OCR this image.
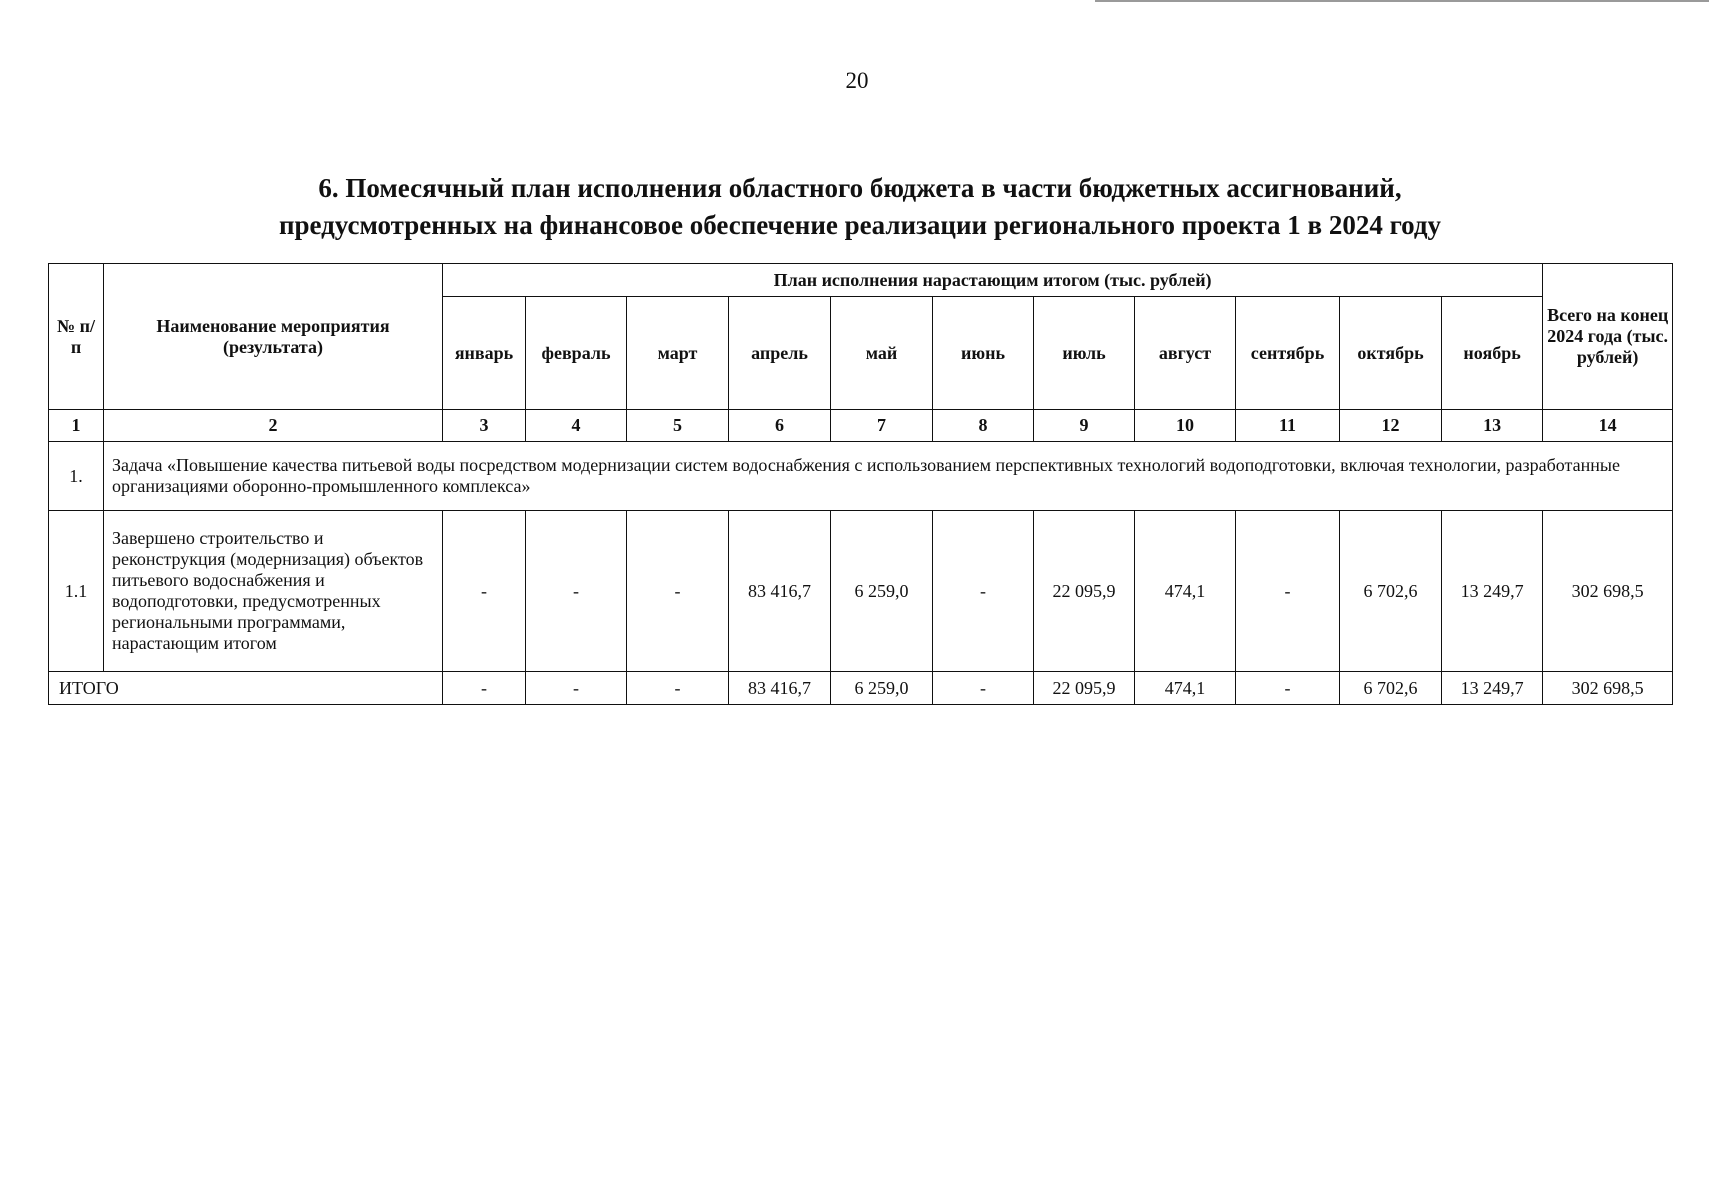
20
6. Помесячный план исполнения областного бюджета в части бюджетных ассигнований,
предусмотренных на финансовое обеспечение реализации регионального проекта 1 в 2024 году
№ п/п	Наименование мероприятия (результата)	План исполнения нарастающим итогом (тыс. рублей)											Всего на конец 2024 года (тыс. рублей)
		январь	февраль	март	апрель	май	июнь	июль	август	сентябрь	октябрь	ноябрь	
1	2	3	4	5	6	7	8	9	10	11	12	13	14
1.	Задача «Повышение качества питьевой воды посредством модернизации систем водоснабжения с использованием перспективных технологий водоподготовки, включая технологии, разработанные организациями оборонно-промышленного комплекса»												
1.1	Завершено строительство и реконструкция (модернизация) объектов питьевого водоснабжения и водоподготовки, предусмотренных региональными программами, нарастающим итогом	-	-	-	83 416,7	6 259,0	-	22 095,9	474,1	-	6 702,6	13 249,7	302 698,5
ИТОГО		-	-	-	83 416,7	6 259,0	-	22 095,9	474,1	-	6 702,6	13 249,7	302 698,5
